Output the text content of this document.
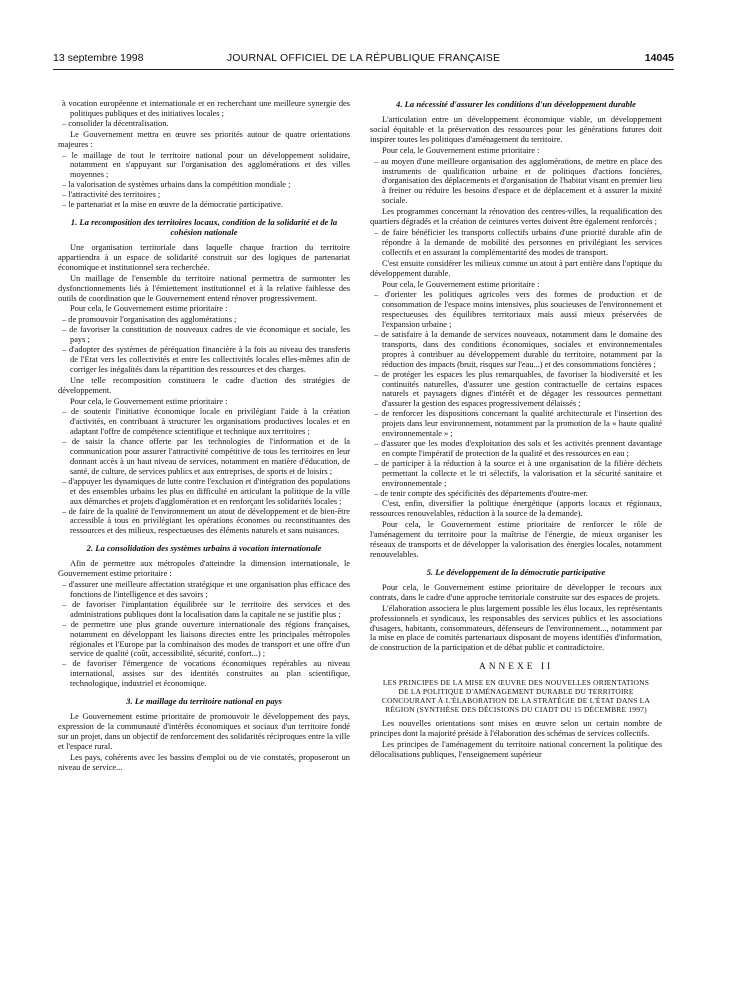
13 septembre 1998	JOURNAL OFFICIEL DE LA RÉPUBLIQUE FRANÇAISE	14045
à vocation européenne et internationale et en recherchant une meilleure synergie des politiques publiques et des initiatives locales ;
– consolider la décentralisation.

Le Gouvernement mettra en œuvre ses priorités autour de quatre orientations majeures :

– le maillage de tout le territoire national pour un développement solidaire, notamment en s'appuyant sur l'organisation des agglomérations et des villes moyennes ;
– la valorisation de systèmes urbains dans la compétition mondiale ;
– l'attractivité des territoires ;
– le partenariat et la mise en œuvre de la démocratie participative.
1. La recomposition des territoires locaux, condition de la solidarité et de la cohésion nationale

Une organisation territoriale dans laquelle chaque fraction du territoire appartiendra à un espace de solidarité construit sur des logiques de partenariat économique et institutionnel sera recherchée.

Un maillage de l'ensemble du territoire national permettra de surmonter les dysfonctionnements liés à l'émiettement institutionnel et à la relative faiblesse des outils de coordination que le Gouvernement entend rénover progressivement.

Pour cela, le Gouvernement estime prioritaire :

– de promouvoir l'organisation des agglomérations ;
– de favoriser la constitution de nouveaux cadres de vie économique et sociale, les pays ;
– d'adopter des systèmes de péréquation financière à la fois au niveau des transferts de l'Etat vers les collectivités et entre les collectivités locales elles-mêmes afin de corriger les inégalités dans la répartition des ressources et des charges.

Une telle recomposition constituera le cadre d'action des stratégies de développement.

Pour cela, le Gouvernement estime prioritaire :

– de soutenir l'initiative économique locale en privilégiant l'aide à la création d'activités, en contribuant à structurer les organisations productives locales et en adaptant l'offre de compétence scientifique et technique aux territoires ;
– de saisir la chance offerte par les technologies de l'information et de la communication pour assurer l'attractivité compétitive de tous les territoires en leur donnant accès à un haut niveau de services, notamment en matière d'éducation, de santé, de culture, de services publics et aux entreprises, de sports et de loisirs ;
– d'appuyer les dynamiques de lutte contre l'exclusion et d'intégration des populations et des ensembles urbains les plus en difficulté en articulant la politique de la ville aux démarches et projets d'agglomération et en renforçant les solidarités locales ;
– de faire de la qualité de l'environnement un atout de développement et de bien-être accessible à tous en privilégiant les opérations économes ou reconstituantes des ressources et des milieux, respectueuses des éléments naturels et sans nuisances.
2. La consolidation des systèmes urbains à vocation internationale

Afin de permettre aux métropoles d'atteindre la dimension internationale, le Gouvernement estime prioritaire :

– d'assurer une meilleure affectation stratégique et une organisation plus efficace des fonctions de l'intelligence et des savoirs ;
– de favoriser l'implantation équilibrée sur le territoire des services et des administrations publiques dont la localisation dans la capitale ne se justifie plus ;
– de permettre une plus grande ouverture internationale des régions françaises, notamment en développant les liaisons directes entre les principales métropoles régionales et l'Europe par la combinaison des modes de transport et une offre d'un service de qualité (coût, accessibilité, sécurité, confort...) ;
– de favoriser l'émergence de vocations économiques repérables au niveau international, assises sur des identités construites au plan scientifique, technologique, industriel et économique.
3. Le maillage du territoire national en pays

Le Gouvernement estime prioritaire de promouvoir le développement des pays, expression de la communauté d'intérêts économiques et sociaux d'un territoire fondé sur un projet, dans un objectif de renforcement des solidarités réciproques entre la ville et l'espace rural.

Les pays, cohérents avec les bassins d'emploi ou de vie constatés, proposeront un niveau de service...

4. La nécessité d'assurer les conditions d'un développement durable

L'articulation entre un développement économique viable, un développement social équitable et la préservation des ressources pour les générations futures doit inspirer toutes les politiques d'aménagement du territoire.

Pour cela, le Gouvernement estime prioritaire :

– au moyen d'une meilleure organisation des agglomérations, de mettre en place des instruments de qualification urbaine et de politiques d'actions foncières, d'organisation des déplacements et d'organisation de l'habitat visant en premier lieu à freiner ou réduire les besoins d'espace et de déplacement et à assurer la mixité sociale.

Les programmes concernant la rénovation des centres-villes, la requalification des quartiers dégradés et la création de ceintures vertes doivent être également renforcés ;

– de faire bénéficier les transports collectifs urbains d'une priorité durable afin de répondre à la demande de mobilité des personnes en privilégiant les services collectifs et en assurant la complémentarité des modes de transport.

C'est ensuite considérer les milieux comme un atout à part entière dans l'optique du développement durable.

Pour cela, le Gouvernement estime prioritaire :

– d'orienter les politiques agricoles vers des formes de production et de consommation de l'espace moins intensives, plus soucieuses de l'environnement et respectueuses des équilibres territoriaux mais aussi mieux préservées de l'expansion urbaine ;
– de satisfaire à la demande de services nouveaux, notamment dans le domaine des transports, dans des conditions économiques, sociales et environnementales propres à contribuer au développement durable du territoire, notamment par la réduction des impacts (bruit, risques sur l'eau...) et des consommations foncières ;
– de protéger les espaces les plus remarquables, de favoriser la biodiversité et les continuités naturelles, d'assurer une gestion contractuelle de certains espaces naturels et paysagers dignes d'intérêt et de dégager les ressources permettant d'assurer la gestion des espaces progressivement délaissés ;
– de renforcer les dispositions concernant la qualité architecturale et l'insertion des projets dans leur environnement, notamment par la promotion de la « haute qualité environnementale » ;
– d'assurer que les modes d'exploitation des sols et les activités prennent davantage en compte l'impératif de protection de la qualité et des ressources en eau ;
– de participer à la réduction à la source et à une organisation de la filière déchets permettant la collecte et le tri sélectifs, la valorisation et la sécurité sanitaire et environnementale ;
– de tenir compte des spécificités des départements d'outre-mer.

C'est, enfin, diversifier la politique énergétique (apports locaux et régionaux, ressources renouvelables, réduction à la source de la demande).

Pour cela, le Gouvernement estime prioritaire de renforcer le rôle de l'aménagement du territoire pour la maîtrise de l'énergie, de mieux organiser les réseaux de transports et de développer la valorisation des énergies locales, notamment renouvelables.

5. Le développement de la démocratie participative

Pour cela, le Gouvernement estime prioritaire de développer le recours aux contrats, dans le cadre d'une approche territoriale construite sur des espaces de projets.

L'élaboration associera le plus largement possible les élus locaux, les représentants professionnels et syndicaux, les responsables des services publics et les associations d'usagers, habitants, consommateurs, défenseurs de l'environnement..., notamment par la mise en place de comités partenariaux disposant de moyens identifiés d'information, de construction de la participation et de débat public et contradictoire.

ANNEXE II

LES PRINCIPES DE LA MISE EN ŒUVRE DES NOUVELLES ORIENTATIONS DE LA POLITIQUE D'AMÉNAGEMENT DURABLE DU TERRITOIRE CONCOURANT À L'ÉLABORATION DE LA STRATÉGIE DE L'ÉTAT DANS LA RÉGION (SYNTHÈSE DES DÉCISIONS DU CIADT DU 15 DÉCEMBRE 1997)

Les nouvelles orientations sont mises en œuvre selon un certain nombre de principes dont la majorité préside à l'élaboration des schémas de services collectifs.

Les principes de l'aménagement du territoire national concernent la politique des délocalisations publiques, l'enseignement supérieur
